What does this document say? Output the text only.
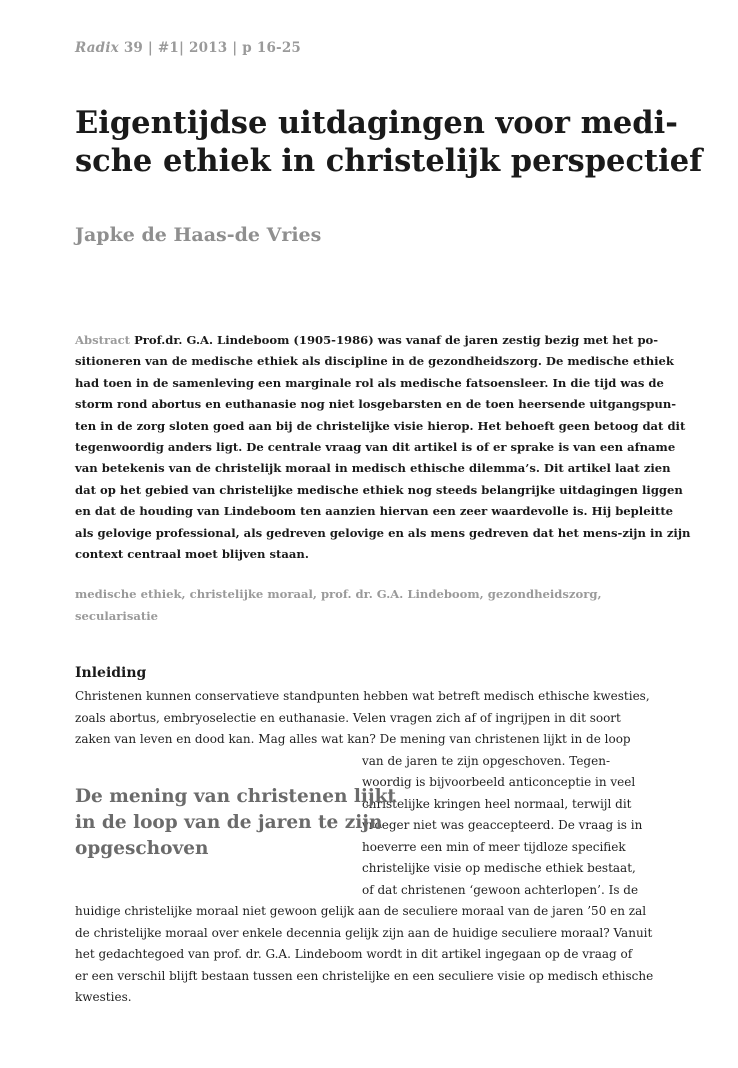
Radix 39 | #1| 2013 | p 16-25
Eigentijdse uitdagingen voor medi-
sche ethiek in christelijk perspectief
Japke de Haas-de Vries
Abstract Prof.dr. G.A. Lindeboom (1905-1986) was vanaf de jaren zestig bezig met het po-
sitioneren van de medische ethiek als discipline in de gezondheidszorg. De medische ethiek
had toen in de samenleving een marginale rol als medische fatsoensleer. In die tijd was de
storm rond abortus en euthanasie nog niet losgebarsten en de toen heersende uitgangspun-
ten in de zorg sloten goed aan bij de christelijke visie hierop. Het behoeft geen betoog dat dit
tegenwoordig anders ligt. De centrale vraag van dit artikel is of er sprake is van een afname
van betekenis van de christelijk moraal in medisch ethische dilemma’s. Dit artikel laat zien
dat op het gebied van christelijke medische ethiek nog steeds belangrijke uitdagingen liggen
en dat de houding van Lindeboom ten aanzien hiervan een zeer waardevolle is. Hij bepleitte
als gelovige professional, als gedreven gelovige en als mens gedreven dat het mens-zijn in zijn
context centraal moet blijven staan.
medische ethiek, christelijke moraal, prof. dr. G.A. Lindeboom, gezondheidszorg,
secularisatie
Inleiding
Christenen kunnen conservatieve standpunten hebben wat betreft medisch ethische kwesties,
zoals abortus, embryoselectie en euthanasie. Velen vragen zich af of ingrijpen in dit soort
zaken van leven en dood kan. Mag alles wat kan? De mening van christenen lijkt in de loop
van de jaren te zijn opgeschoven. Tegen-
woordig is bijvoorbeeld anticonceptie in veel
christelijke kringen heel normaal, terwijl dit
vroeger niet was geaccepteerd. De vraag is in
hoeverre een min of meer tijdloze specifiek
christelijke visie op medische ethiek bestaat,
of dat christenen ‘gewoon achterlopen’. Is de
huidige christelijke moraal niet gewoon gelijk aan de seculiere moraal van de jaren ’50 en zal
de christelijke moraal over enkele decennia gelijk zijn aan de huidige seculiere moraal? Vanuit
het gedachtegoed van prof. dr. G.A. Lindeboom wordt in dit artikel ingegaan op de vraag of
er een verschil blijft bestaan tussen een christelijke en een seculiere visie op medisch ethische
kwesties.
De mening van christenen lijkt
in de loop van de jaren te zijn
opgeschoven
